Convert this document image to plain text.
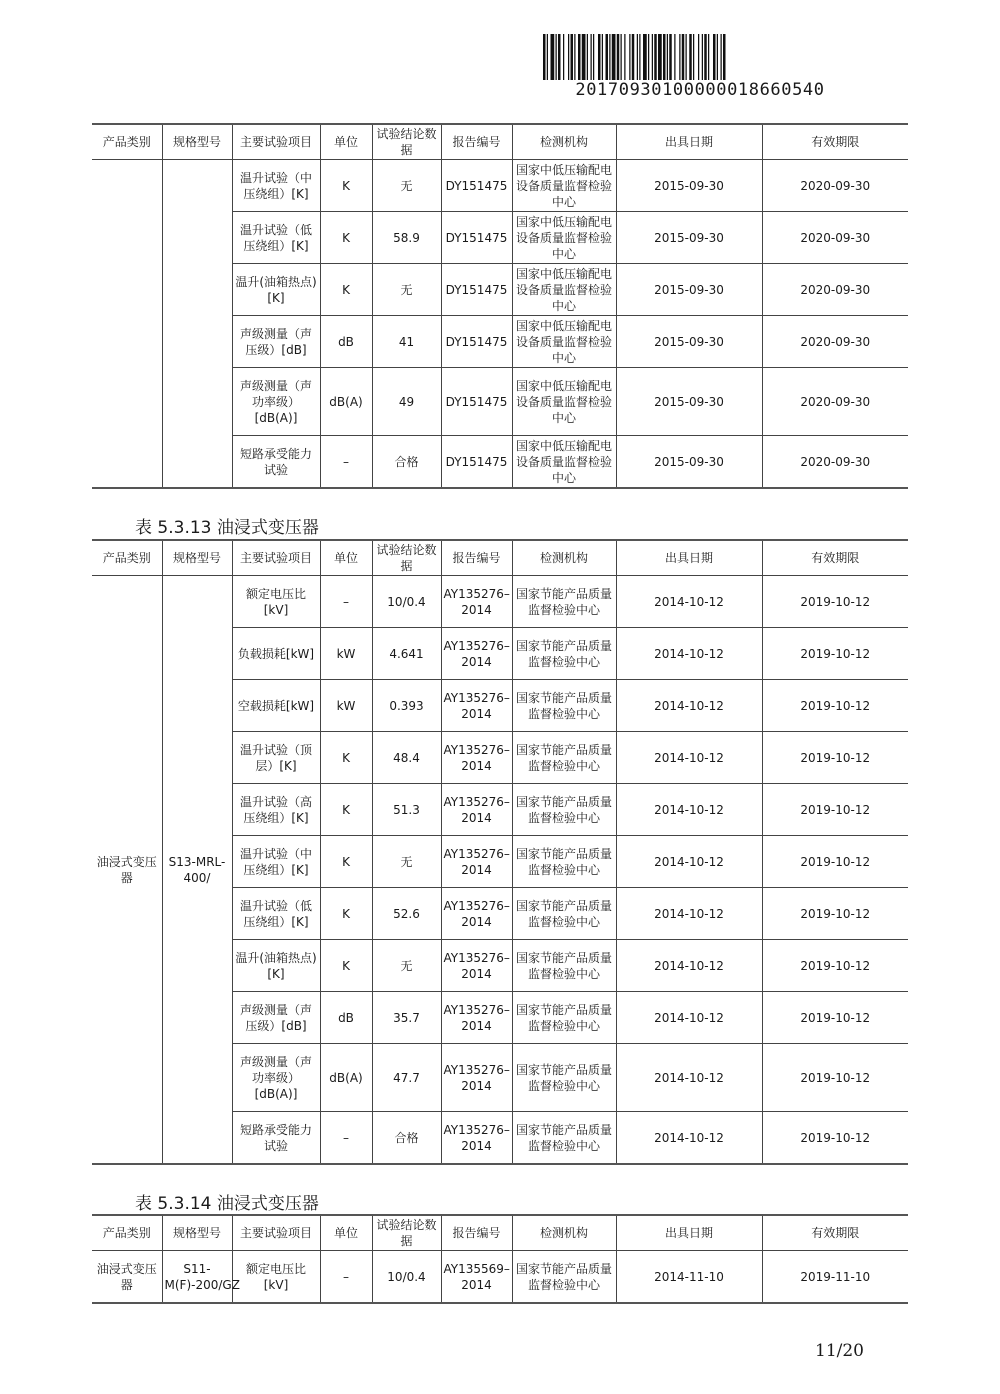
20170930100000018660540
产品类别	规格型号	主要试验项目	单位	试验结论数据	报告编号	检测机构	出具日期	有效期限
		温升试验（中压绕组）[K]	K	无	DY151475	国家中低压输配电设备质量监督检验中心	2015-09-30	2020-09-30
		温升试验（低压绕组）[K]	K	58.9	DY151475	国家中低压输配电设备质量监督检验中心	2015-09-30	2020-09-30
		温升(油箱热点)[K]	K	无	DY151475	国家中低压输配电设备质量监督检验中心	2015-09-30	2020-09-30
		声级测量（声压级）[dB]	dB	41	DY151475	国家中低压输配电设备质量监督检验中心	2015-09-30	2020-09-30
		声级测量（声功率级）[dB(A)]	dB(A)	49	DY151475	国家中低压输配电设备质量监督检验中心	2015-09-30	2020-09-30
		短路承受能力试验	–	合格	DY151475	国家中低压输配电设备质量监督检验中心	2015-09-30	2020-09-30
表 5.3.13 油浸式变压器
产品类别	规格型号	主要试验项目	单位	试验结论数据	报告编号	检测机构	出具日期	有效期限
油浸式变压器	S13-MRL-400/	额定电压比[kV]	–	10/0.4	AY135276–2014	国家节能产品质量监督检验中心	2014-10-12	2019-10-12
		负载损耗[kW]	kW	4.641	AY135276–2014	国家节能产品质量监督检验中心	2014-10-12	2019-10-12
		空载损耗[kW]	kW	0.393	AY135276–2014	国家节能产品质量监督检验中心	2014-10-12	2019-10-12
		温升试验（顶层）[K]	K	48.4	AY135276–2014	国家节能产品质量监督检验中心	2014-10-12	2019-10-12
		温升试验（高压绕组）[K]	K	51.3	AY135276–2014	国家节能产品质量监督检验中心	2014-10-12	2019-10-12
		温升试验（中压绕组）[K]	K	无	AY135276–2014	国家节能产品质量监督检验中心	2014-10-12	2019-10-12
		温升试验（低压绕组）[K]	K	52.6	AY135276–2014	国家节能产品质量监督检验中心	2014-10-12	2019-10-12
		温升(油箱热点)[K]	K	无	AY135276–2014	国家节能产品质量监督检验中心	2014-10-12	2019-10-12
		声级测量（声压级）[dB]	dB	35.7	AY135276–2014	国家节能产品质量监督检验中心	2014-10-12	2019-10-12
		声级测量（声功率级）[dB(A)]	dB(A)	47.7	AY135276–2014	国家节能产品质量监督检验中心	2014-10-12	2019-10-12
		短路承受能力试验	–	合格	AY135276–2014	国家节能产品质量监督检验中心	2014-10-12	2019-10-12
表 5.3.14 油浸式变压器
产品类别	规格型号	主要试验项目	单位	试验结论数据	报告编号	检测机构	出具日期	有效期限
油浸式变压器	S11-M(F)-200/GZ	额定电压比[kV]	–	10/0.4	AY135569–2014	国家节能产品质量监督检验中心	2014-11-10	2019-11-10
11/20
